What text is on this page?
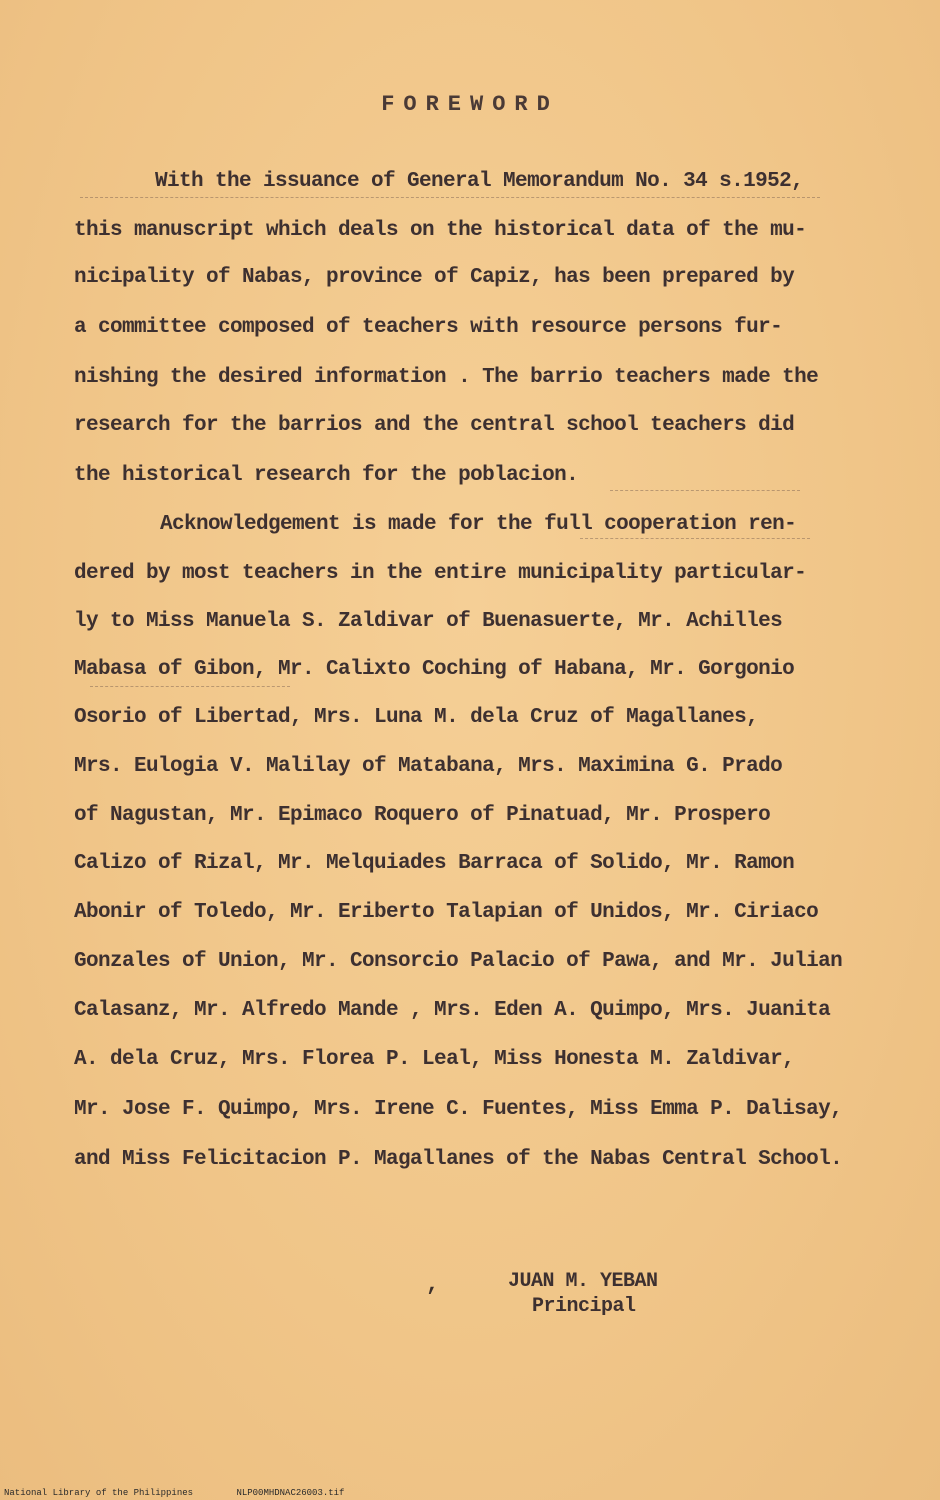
FOREWORD
With the issuance of General Memorandum No. 34 s.1952,
this manuscript which deals on the historical data of the mu-
nicipality of Nabas, province of Capiz, has been prepared by
a committee composed of teachers with resource persons fur-
nishing the desired information . The barrio teachers made the
research for the barrios and the central school teachers did
the historical research for the poblacion.
Acknowledgement is made for the full cooperation ren-
dered by most teachers in the entire municipality particular-
ly to Miss Manuela S. Zaldivar of Buenasuerte, Mr. Achilles
Mabasa of Gibon, Mr. Calixto Coching of Habana, Mr. Gorgonio
Osorio of Libertad, Mrs. Luna M. dela Cruz of Magallanes,
Mrs. Eulogia V. Malilay of Matabana, Mrs. Maximina G. Prado
of Nagustan, Mr. Epimaco Roquero of Pinatuad, Mr. Prospero
Calizo of Rizal, Mr. Melquiades Barraca of Solido, Mr. Ramon
Abonir of Toledo, Mr. Eriberto Talapian of Unidos, Mr. Ciriaco
Gonzales of Union, Mr. Consorcio Palacio of Pawa, and Mr. Julian
Calasanz, Mr. Alfredo Mande , Mrs. Eden A. Quimpo, Mrs. Juanita
A. dela Cruz, Mrs. Florea P. Leal, Miss Honesta M. Zaldivar,
Mr. Jose F. Quimpo, Mrs. Irene C. Fuentes, Miss Emma P. Dalisay,
and Miss Felicitacion P. Magallanes of the Nabas Central School.
,	JUAN M. YEBAN
Principal
National Library of the Philippines	NLP00MHDNAC26003.tif
